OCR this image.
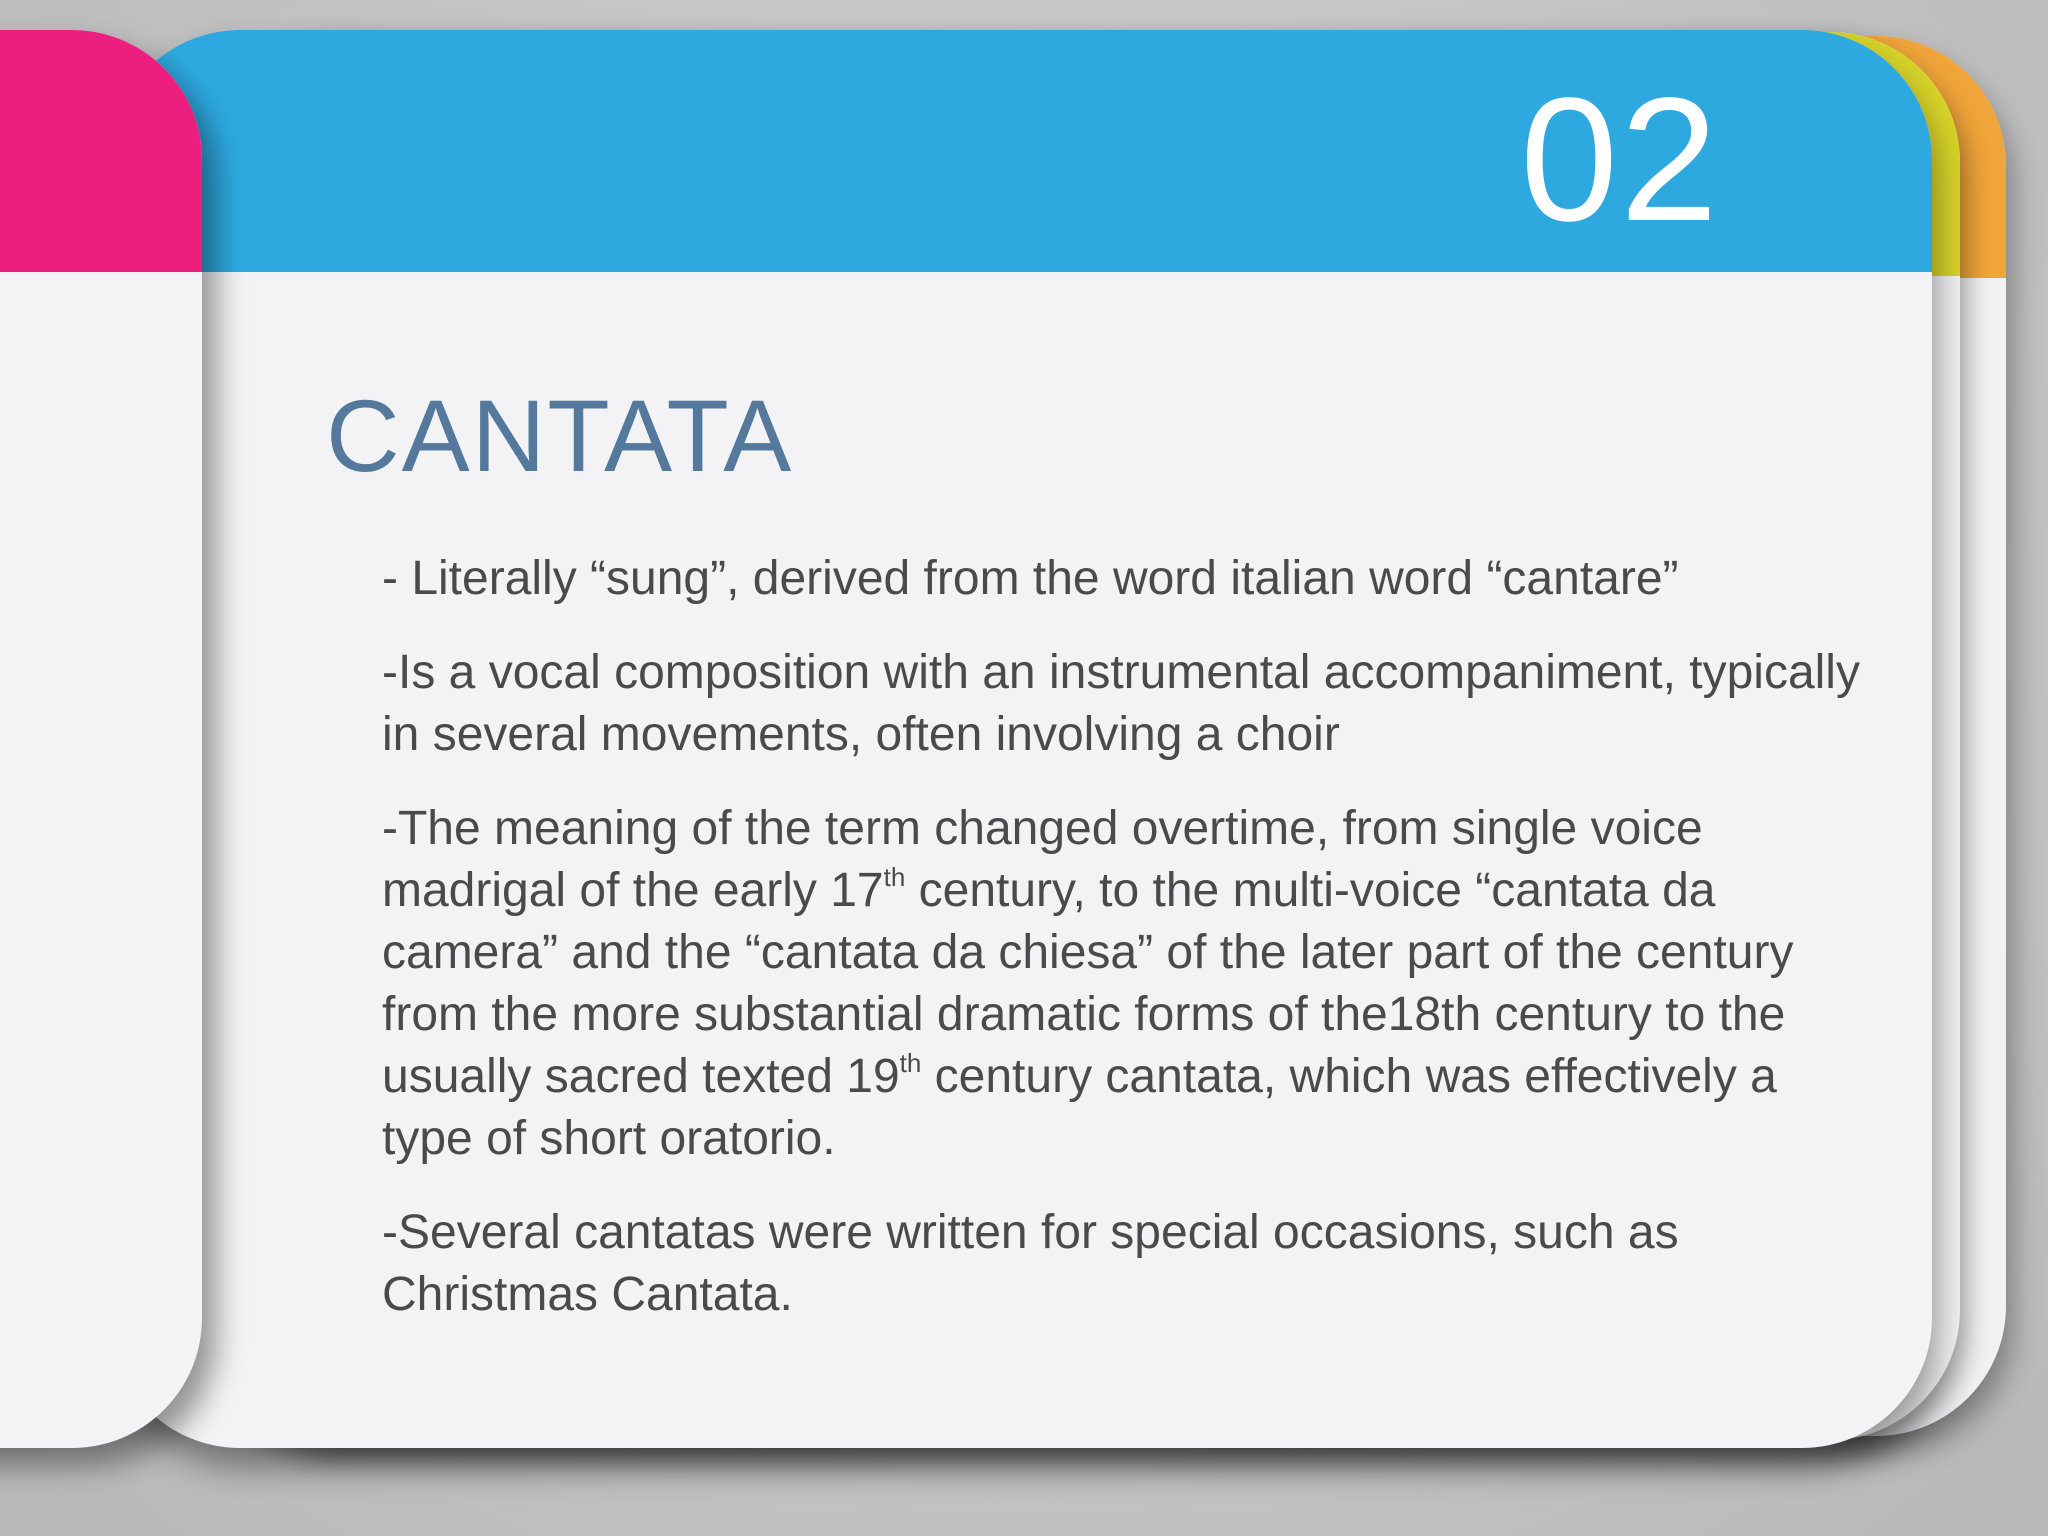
02
CANTATA

- Literally “sung”, derived from the word italian word “cantare”

-Is a vocal composition with an instrumental accompaniment, typically in several movements, often involving a choir

-The meaning of the term changed overtime, from single voice madrigal of the early 17th century, to the multi-voice “cantata da camera” and the “cantata da chiesa” of the later part of the century from the more substantial dramatic forms of the18th century to the usually sacred texted 19th century cantata, which was effectively a type of short oratorio.

-Several cantatas were written for special occasions, such as Christmas Cantata.
